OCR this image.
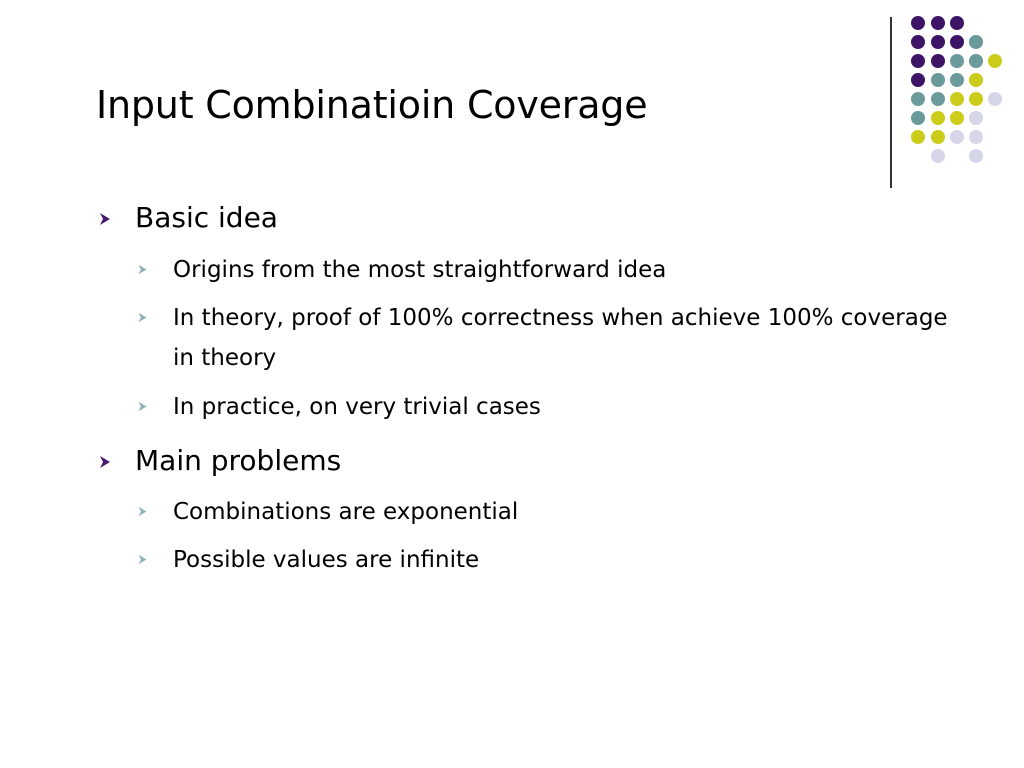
Input Combinatioin Coverage
Basic idea
Origins from the most straightforward idea
In theory, proof of 100% correctness when achieve 100% coverage in theory
In practice, on very trivial cases
Main problems
Combinations are exponential
Possible values are infinite
